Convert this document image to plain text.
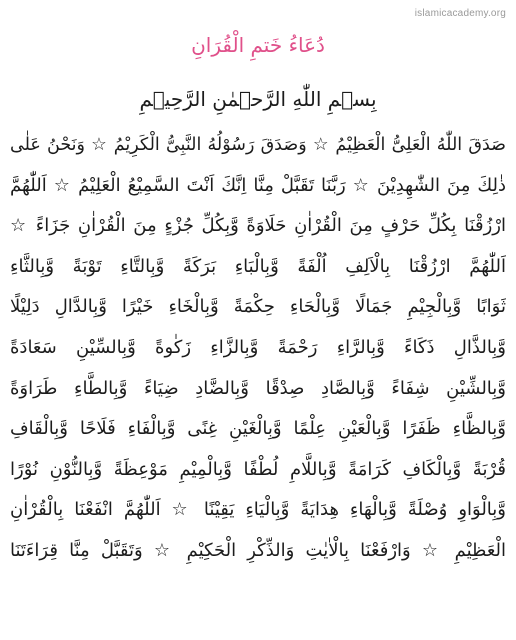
islamicacademy.org
دُعَاءُ خَتمِ الْقُرَانِ
بِسۡمِ اللّٰهِ الرَّحۡمٰنِ الرَّحِیۡمِ
صَدَقَ اللّٰهُ الْعَلِیُّ الْعَظِیْمُ ☆ وَصَدَقَ رَسُوْلُهُ النَّبِیُّ الْكَرِیْمُ ☆ وَنَحْنُ عَلٰی
ذٰلِكَ مِنَ الشّٰهِدِیْنَ ☆ رَبَّنَا تَقَبَّلْ مِنَّا اِنَّكَ اَنْتَ السَّمِیْعُ الْعَلِیْمُ ☆ اَللّٰهُمَّ
ارْزُقْنَا بِكُلِّ حَرْفٍ مِنَ الْقُرْاٰنِ حَلَاوَةً وَّبِكُلِّ جُزْءٍ مِنَ الْقُرْاٰنِ جَزَاءً ☆
اَللّٰهُمَّ ارْزُقْنَا بِالْاَلِفِ اُلْفَةً وَّبِالْبَاءِ بَرَكَةً وَّبِالتَّاءِ تَوْبَةً وَّبِالثَّاءِ
ثَوَابًا وَّبِالْجِیْمِ جَمَالًا وَّبِالْحَاءِ حِكْمَةً وَّبِالْخَاءِ خَیْرًا وَّبِالدَّالِ دَلِیْلًا
وَّبِالذَّالِ ذَكَاءً وَّبِالرَّاءِ رَحْمَةً وَّبِالزَّاءِ زَكٰوةً وَّبِالسِّیْنِ سَعَادَةً
وَّبِالشِّیْنِ شِفَاءً وَّبِالصَّادِ صِدْقًا وَّبِالضَّادِ ضِیَاءً وَّبِالطَّاءِ طَرَاوَةً
وَّبِالظَّاءِ ظَفَرًا وَّبِالْعَیْنِ عِلْمًا وَّبِالْغَیْنِ غِنًی وَّبِالْفَاءِ فَلَاحًا وَّبِالْقَافِ
قُرْبَةً وَّبِالْكَافِ كَرَامَةً وَّبِاللَّامِ لُطْفًا وَّبِالْمِیْمِ مَوْعِظَةً وَّبِالنُّوْنِ نُوْرًا
وَّبِالْوَاوِ وُصْلَةً وَّبِالْهَاءِ هِدَایَةً وَّبِالْیَاءِ یَقِیْنًا ☆ اَللّٰهُمَّ انْفَعْنَا بِالْقُرْاٰنِ
الْعَظِیْمِ ☆ وَارْفَعْنَا بِالْاٰیٰتِ وَالذِّكْرِ الْحَكِیْمِ ☆ وَتَقَبَّلْ مِنَّا قِرَاءَتَنَا
